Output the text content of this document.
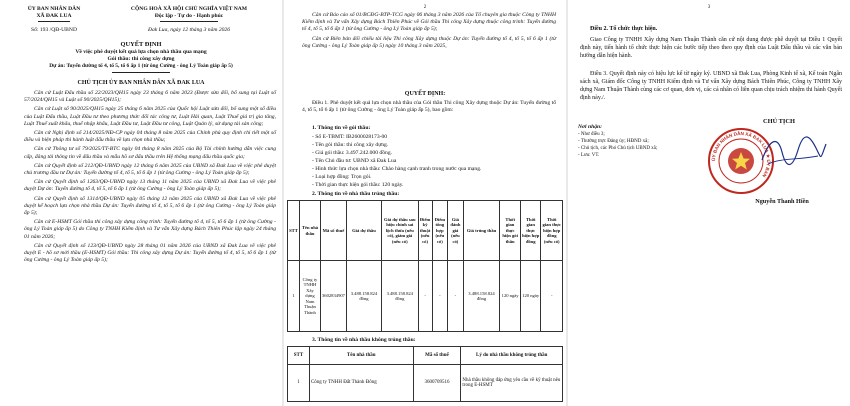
ỦY BAN NHÂN DÂN
XÃ ĐAK LUA
CỘNG HOÀ XÃ HỘI CHỦ NGHĨA VIỆT NAM
Độc lập - Tự do - Hạnh phúc
Số: 193 /QĐ-UBND	Đak Lua, ngày 12 tháng 3 năm 2026
QUYẾT ĐỊNH
Về việc phê duyệt kết quả lựa chọn nhà thầu qua mạng
Gói thầu: thi công xây dựng
Dự án: Tuyến đường tổ 4, tổ 5, tổ 6 ấp 1 (từ ông Cường - ông Lý Toàn giáp ấp 5)
CHỦ TỊCH ỦY BAN NHÂN DÂN XÃ ĐAK LUA
Căn cứ Luật Đấu thầu số 22/2023/QH15 ngày 23 tháng 6 năm 2023 (Được sửa đổi, bổ sung tại Luật số 57/2024/QH15 và Luật số 90/2025/QH15);
Căn cứ Luật số 90/2025/QH15 ngày 25 tháng 6 năm 2025 của Quốc hội Luật sửa đổi, bổ sung một số điều của Luật Đấu thầu, Luật Đầu tư theo phương thức đối tác công tư, Luật Hải quan, Luật Thuế giá trị gia tăng, Luật Thuế xuất khẩu, thuế nhập khẩu, Luật Đầu tư, Luật Đầu tư công, Luật Quản lý, sử dụng tài sản công;
Căn cứ Nghị định số 214/2025/NĐ-CP ngày 04 tháng 8 năm 2025 của Chính phủ quy định chi tiết một số điều và biện pháp thi hành luật đấu thầu về lựa chọn nhà thầu;
Căn cứ Thông tư số 79/2025/TT-BTC ngày 04 tháng 8 năm 2025 của Bộ Tài chính hướng dẫn việc cung cấp, đăng tải thông tin về đấu thầu và mẫu hồ sơ đấu thầu trên Hệ thống mạng đấu thầu quốc gia;
Căn cứ Quyết định số 212/QĐ-UBND ngày 12 tháng 6 năm 2025 của UBND xã Đak Lua về việc phê duyệt chủ trương đầu tư Dự án: Tuyến đường tổ 4, tổ 5, tổ 6 ấp 1 (từ ông Cường - ông Lý Toàn giáp ấp 5);
Căn cứ Quyết định số 1263/QĐ-UBND ngày 13 tháng 11 năm 2025 của UBND xã Đak Lua về việc phê duyệt Dự án: Tuyến đường tổ 4, tổ 5, tổ 6 ấp 1 (từ ông Cường - ông Lý Toàn giáp ấp 5);
Căn cứ Quyết định số 1314/QĐ-UBND ngày 05 tháng 12 năm 2025 của UBND xã Đak Lua về việc phê duyệt kế hoạch lựa chọn nhà thầu Dự án: Tuyến đường tổ 4, tổ 5, tổ 6 ấp 1 (từ ông Cường - ông Lý Toàn giáp ấp 5);
Căn cứ E-HSMT Gói thầu thi công xây dựng công trình: Tuyến đường tổ 4, tổ 5, tổ 6 ấp 1 (từ ông Cường - ông Lý Toàn giáp ấp 5) do Công ty TNHH Kiểm định và Tư vấn Xây dựng Bách Thiên Phúc lập ngày 24 tháng 01 năm 2026;
Căn cứ Quyết định số 123/QĐ-UBND ngày 28 tháng 01 năm 2026 của UBND xã Đak Lua về việc phê duyệt E - hồ sơ mời thầu (E-HSMT) Gói thầu: Thi công xây dựng Dự án: Tuyến đường tổ 4, tổ 5, tổ 6 ấp 1 (từ ông Cường - ông Lý Toàn giáp ấp 5);
2
Căn cứ Báo cáo số 01/BCĐG-BTP-TCG ngày 06 tháng 3 năm 2026 của Tổ chuyên gia thuộc Công ty TNHH Kiểm định và Tư vấn Xây dựng Bách Thiên Phúc về Gói thầu Thi công Xây dựng thuộc công trình: Tuyến đường tổ 4, tổ 5, tổ 6 ấp 1 (từ ông Cường - ông Lý Toàn giáp ấp 5);
Căn cứ Biên bản đối chiếu tài liệu Thi công Xây dựng thuộc Dự án: Tuyến đường tổ 4, tổ 5, tổ 6 ấp 1 (từ ông Cường - ông Lý Toàn giáp ấp 5) ngày 10 tháng 3 năm 2025,
QUYẾT ĐỊNH:
Điều 1. Phê duyệt kết quả lựa chọn nhà thầu của Gói thầu Thi công Xây dựng thuộc Dự án: Tuyến đường tổ 4, tổ 5, tổ 6 ấp 1 (từ ông Cường - ông Lý Toàn giáp ấp 5), bao gồm:
1. Thông tin về gói thầu:
- Số E-TBMT: IB2600028173-00
- Tên gói thầu: thi công xây dựng.
- Giá gói thầu: 3.497.242.000 đồng.
- Tên Chủ đầu tư: UBND xã Đak Lua
- Hình thức lựa chọn nhà thầu: Chào hàng cạnh tranh trong nước qua mạng.
- Loại hợp đồng: Trọn gói.
- Thời gian thực hiện gói thầu: 120 ngày.
2. Thông tin về nhà thầu trúng thầu:
STT	Tên nhà thầu	Mã số thuế	Giá dự thầu	Giá dự thầu sau hiệu chỉnh sai lệch thừa (nếu có), giảm giá (nếu có)	Điểm kỹ thuật (nếu có)	Điểm tổng hợp (nếu có)	Giá đánh giá (nếu có)	Giá trúng thầu	Thời gian thực hiện gói thầu	Thời gian thực hiện hợp đồng	Thời gian thực hiện hợp đồng (nếu có)
1	Công ty TNHH Xây dựng Nam Thuận Thành	3602834907	3.488.158.824 đồng	3.488.158.824 đồng	-	-	-	3.488.158.824 đồng	120 ngày	120 ngày	-
3. Thông tin về nhà thầu không trúng thầu:
STT	Tên nhà thầu	Mã số thuế	Lý do nhà thầu không trúng thầu
1	Công ty TNHH Đất Thành Đông	3600709516	Nhà thầu không đáp ứng yêu cầu về kỹ thuật nêu trong E-HSMT
3
Điều 2. Tổ chức thực hiện.
Giao Công ty TNHH Xây dựng Nam Thuận Thành căn cứ nội dung được phê duyệt tại Điều 1 Quyết định này, tiến hành tổ chức thực hiện các bước tiếp theo theo quy định của Luật Đấu thầu và các văn bản hướng dẫn hiện hành.
Điều 3. Quyết định này có hiệu lực kể từ ngày ký. UBND xã Đak Lua, Phòng Kinh tế xã, Kế toán Ngân sách xã, Giám đốc Công ty TNHH Kiểm định và Tư vấn Xây dựng Bách Thiên Phúc, Công ty TNHH Xây dựng Nam Thuận Thành cùng các cơ quan, đơn vị, các cá nhân có liên quan chịu trách nhiệm thi hành Quyết định này./.
Nơi nhận:
- Như điều 3;
- Thường trực Đảng ủy; HĐND xã;
- Chủ tịch, các Phó Chủ tịch UBND xã;
- Lưu: VT.
CHỦ TỊCH
ỦY BAN NHÂN DÂN XÃ ĐAK LUA ★ ỦY BAN
Nguyễn Thanh Hiền
